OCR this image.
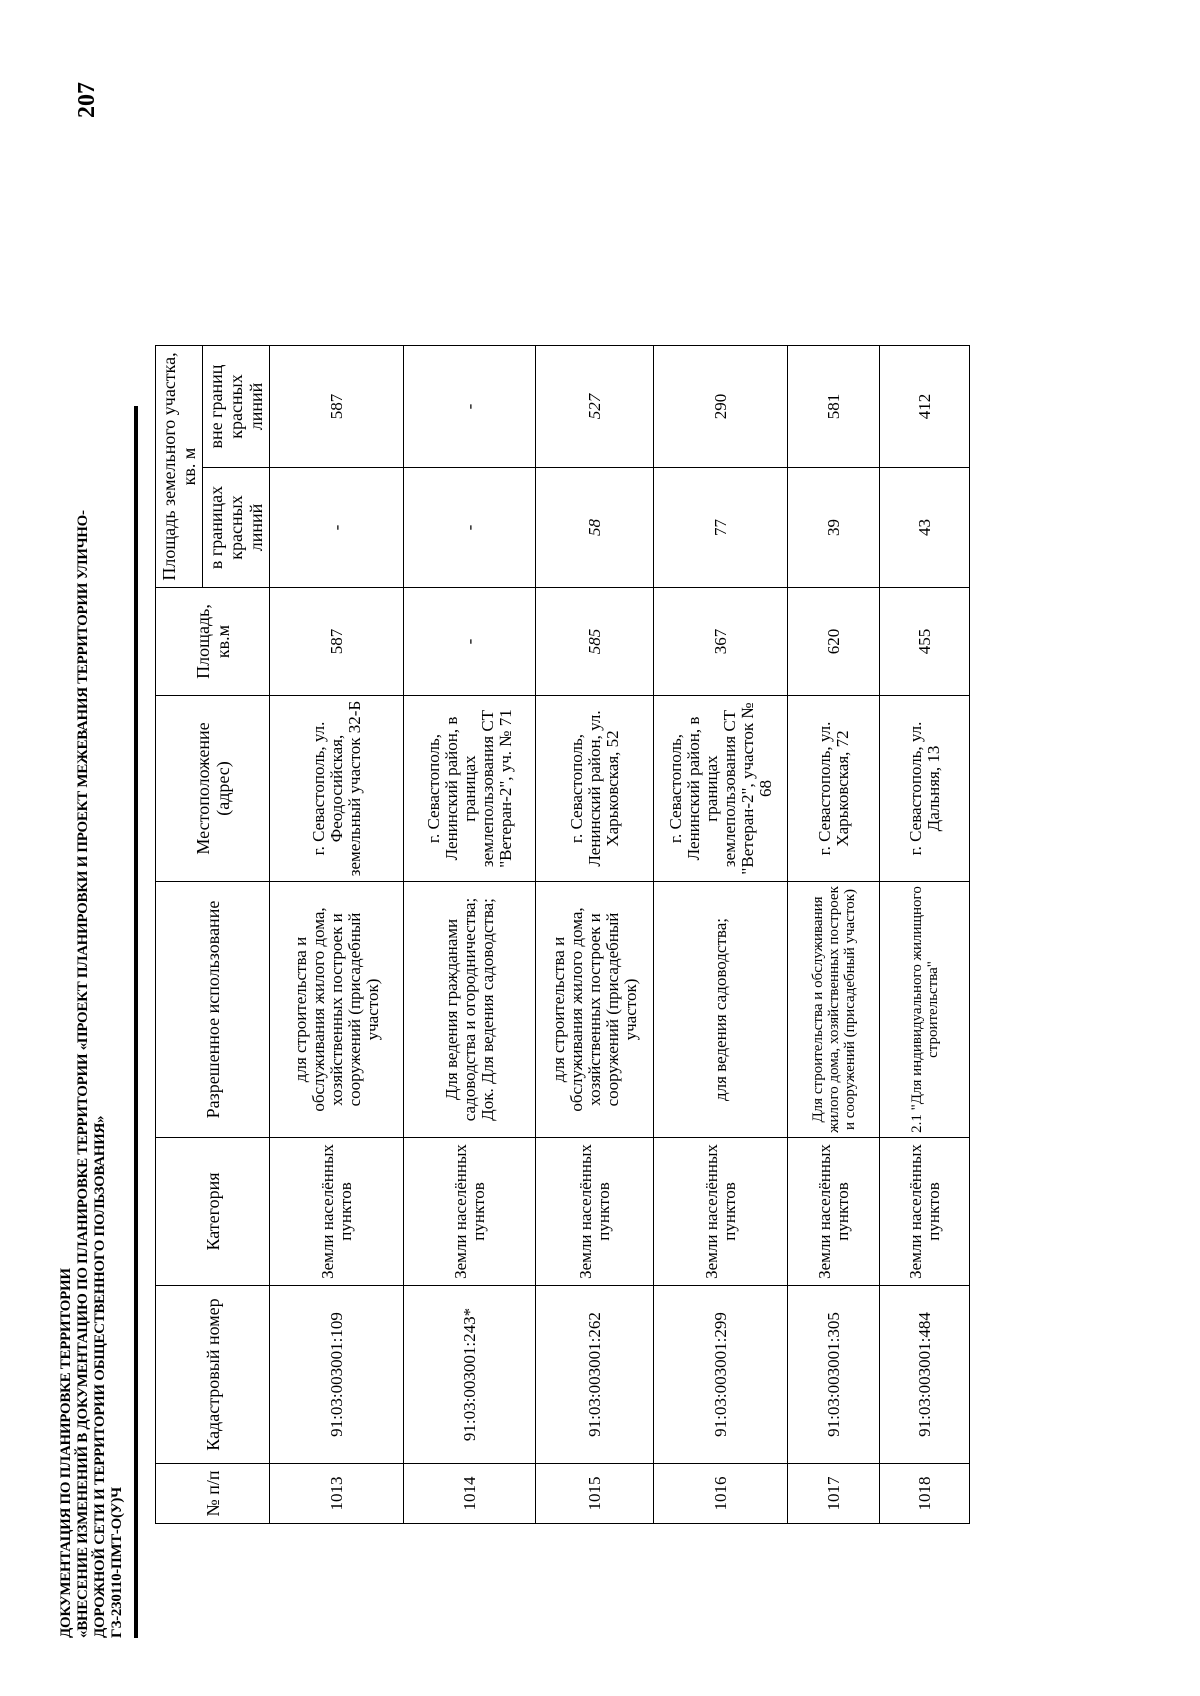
207
ДОКУМЕНТАЦИЯ ПО ПЛАНИРОВКЕ ТЕРРИТОРИИ «ВНЕСЕНИЕ ИЗМЕНЕНИЙ В ДОКУМЕНТАЦИЮ ПО ПЛАНИРОВКЕ ТЕРРИТОРИИ «ПРОЕКТ ПЛАНИРОВКИ И ПРОЕКТ МЕЖЕВАНИЯ ТЕРРИТОРИИ УЛИЧНО- ДОРОЖНОЙ СЕТИ И ТЕРРИТОРИИ ОБЩЕСТВЕННОГО ПОЛЬЗОВАНИЯ» ГЗ-230110-ПМТ-О(У)Ч	№ п/п	Кадастровый номер	Категория	Разрешенное использование	Местоположение (адрес)	Площадь, кв.м	Площадь земельного участка, кв. м	
						в границах красных линий	вне границ красных линий
1013	91:03:003001:109	Земли населённых пунктов	для строительства и обслуживания жилого дома, хозяйственных построек и сооружений (присадебный участок)	г. Севастополь, ул. Феодосийская, земельный участок 32-Б	587	-	587
1014	91:03:003001:243*	Земли населённых пунктов	Для ведения гражданами садоводства и огородничества; Док. Для ведения садоводства;	г. Севастополь, Ленинский район, в границах землепользования СТ "Ветеран-2", уч. № 71	-	-	-
1015	91:03:003001:262	Земли населённых пунктов	для строительства и обслуживания жилого дома, хозяйственных построек и сооружений (присадебный участок)	г. Севастополь, Ленинский район, ул. Харьковская, 52	585	58	527
1016	91:03:003001:299	Земли населённых пунктов	для ведения садоводства;	г. Севастополь, Ленинский район, в границах землепользования СТ "Ветеран-2", участок № 68	367	77	290
1017	91:03:003001:305	Земли населённых пунктов	Для строительства и обслуживания жилого дома, хозяйственных построек и сооружений (присадебный участок)	г. Севастополь, ул. Харьковская, 72	620	39	581
1018	91:03:003001:484	Земли населённых пунктов	2.1 "Для индивидуального жилищного строительства"	г. Севастополь, ул. Дальняя, 13	455	43	412
